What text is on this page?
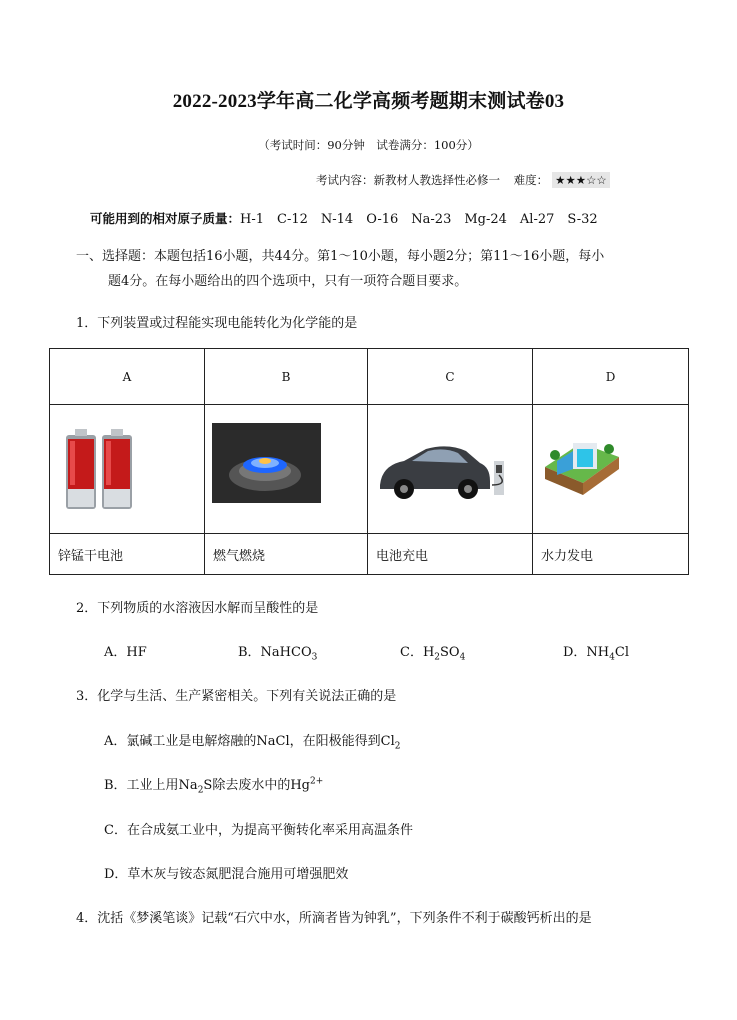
2022-2023学年高二化学高频考题期末测试卷03
（考试时间：90分钟　试卷满分：100分）
考试内容：新教材人教选择性必修一 难度： ★★★☆☆
可能用到的相对原子质量：H-1　C-12　N-14　O-16　Na-23　Mg-24　Al-27　S-32
一、选择题：本题包括16小题，共44分。第1～10小题，每小题2分；第11～16小题，每小
题4分。在每小题给出的四个选项中，只有一项符合题目要求。
1．下列装置或过程能实现电能转化为化学能的是
A	B	C	D

锌锰干电池	燃气燃烧	电池充电	水力发电
2．下列物质的水溶液因水解而呈酸性的是
A．HF	B．NaHCO$_3$	C．$H_2SO_4$	D．$NH_4Cl$
3．化学与生活、生产紧密相关。下列有关说法正确的是
A．氯碱工业是电解熔融的NaCl，在阳极能得到$Cl_2$
B．工业上用$Na_2S$除去废水中的$Hg^{2+}$
C．在合成氨工业中，为提高平衡转化率采用高温条件
D．草木灰与铵态氮肥混合施用可增强肥效
4．沈括《梦溪笔谈》记载“石穴中水，所滴者皆为钟乳”，下列条件不利于碳酸钙析出的是
